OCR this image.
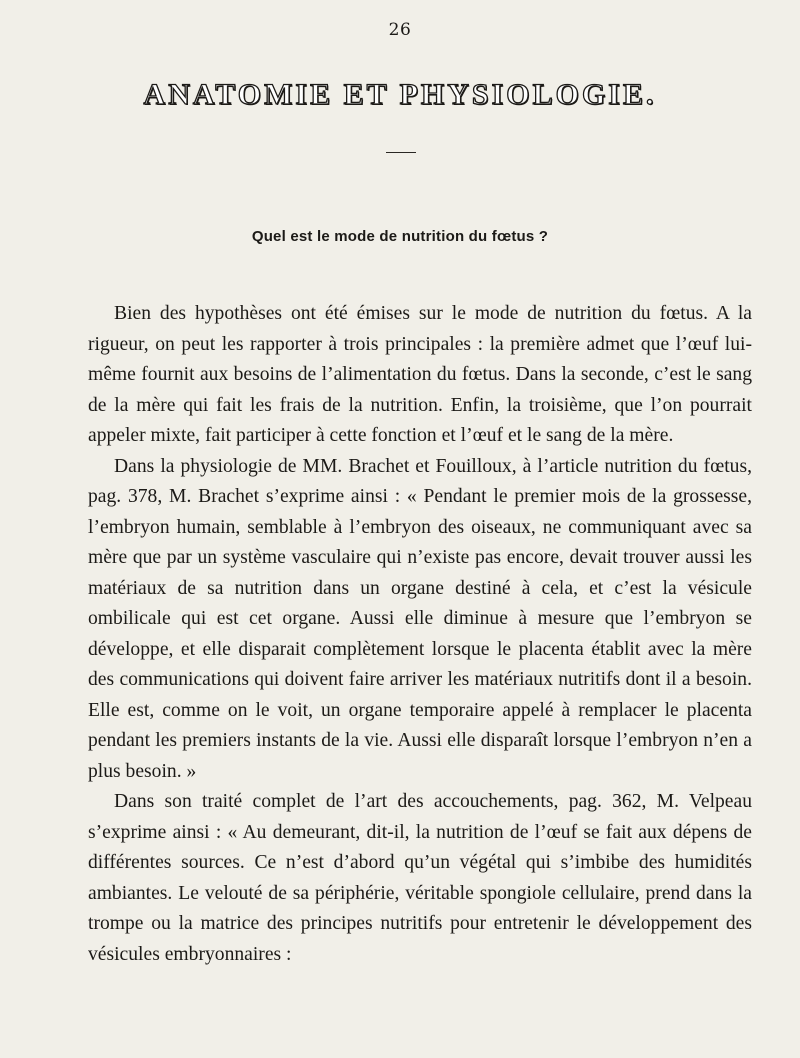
26
ANATOMIE ET PHYSIOLOGIE.
Quel est le mode de nutrition du fœtus ?

Bien des hypothèses ont été émises sur le mode de nutrition du fœtus. A la rigueur, on peut les rapporter à trois principales : la première admet que l’œuf lui-même fournit aux besoins de l’alimentation du fœtus. Dans la seconde, c’est le sang de la mère qui fait les frais de la nutrition. Enfin, la troisième, que l’on pourrait appeler mixte, fait participer à cette fonction et l’œuf et le sang de la mère.

Dans la physiologie de MM. Brachet et Fouilloux, à l’article nutrition du fœtus, pag. 378, M. Brachet s’exprime ainsi : « Pendant le premier mois de la grossesse, l’embryon humain, semblable à l’embryon des oiseaux, ne communiquant avec sa mère que par un système vasculaire qui n’existe pas encore, devait trouver aussi les matériaux de sa nutrition dans un organe destiné à cela, et c’est la vésicule ombilicale qui est cet organe. Aussi elle diminue à mesure que l’embryon se développe, et elle disparait complètement lorsque le placenta établit avec la mère des communications qui doivent faire arriver les matériaux nutritifs dont il a besoin. Elle est, comme on le voit, un organe temporaire appelé à remplacer le placenta pendant les premiers instants de la vie. Aussi elle disparaît lorsque l’embryon n’en a plus besoin. »

Dans son traité complet de l’art des accouchements, pag. 362, M. Velpeau s’exprime ainsi : « Au demeurant, dit-il, la nutrition de l’œuf se fait aux dépens de différentes sources. Ce n’est d’abord qu’un végétal qui s’imbibe des humidités ambiantes. Le velouté de sa périphérie, véritable spongiole cellulaire, prend dans la trompe ou la matrice des principes nutritifs pour entretenir le développement des vésicules embryonnaires :
